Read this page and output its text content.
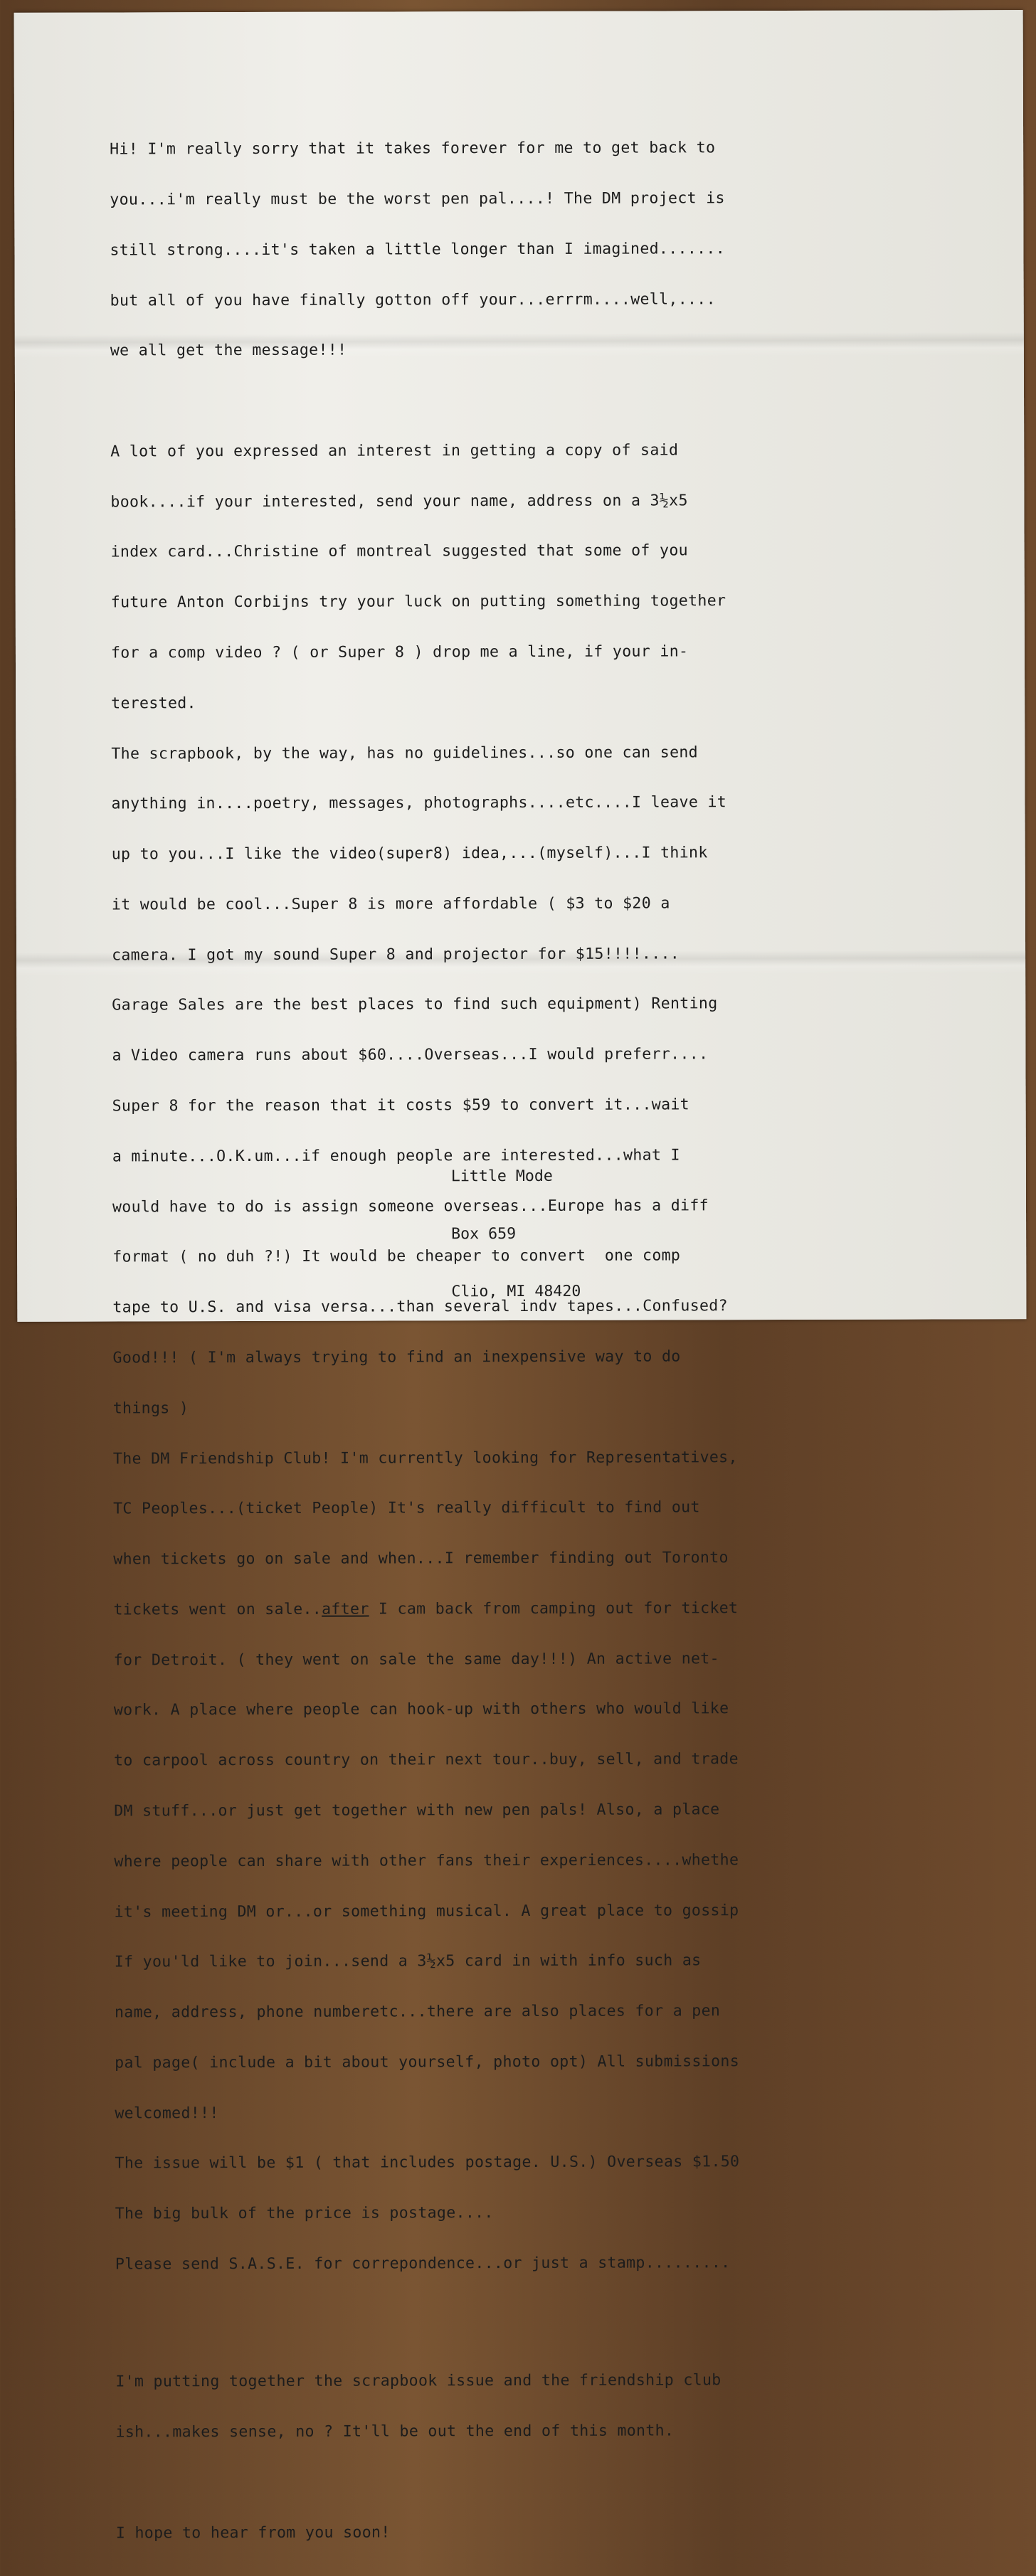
Hi! I'm really sorry that it takes forever for me to get back to

you...i'm really must be the worst pen pal....! The DM project is

still strong....it's taken a little longer than I imagined.......

but all of you have finally gotton off your...errrm....well,....

we all get the message!!!

A lot of you expressed an interest in getting a copy of said

book....if your interested, send your name, address on a 3½x5

index card...Christine of montreal suggested that some of you

future Anton Corbijns try your luck on putting something together

for a comp video ? ( or Super 8 ) drop me a line, if your in-

terested.

The scrapbook, by the way, has no guidelines...so one can send

anything in....poetry, messages, photographs....etc....I leave it

up to you...I like the video(super8) idea,...(myself)...I think

it would be cool...Super 8 is more affordable ( $3 to $20 a

camera. I got my sound Super 8 and projector for $15!!!!....

Garage Sales are the best places to find such equipment) Renting

a Video camera runs about $60....Overseas...I would preferr....

Super 8 for the reason that it costs $59 to convert it...wait

a minute...O.K.um...if enough people are interested...what I

would have to do is assign someone overseas...Europe has a diff

format ( no duh ?!) It would be cheaper to convert  one comp

tape to U.S. and visa versa...than several indv tapes...Confused?

Good!!! ( I'm always trying to find an inexpensive way to do

things )

The DM Friendship Club! I'm currently looking for Representatives,

TC Peoples...(ticket People) It's really difficult to find out

when tickets go on sale and when...I remember finding out Toronto

tickets went on sale..after I cam back from camping out for ticket

for Detroit. ( they went on sale the same day!!!) An active net-

work. A place where people can hook-up with others who would like

to carpool across country on their next tour..buy, sell, and trade

DM stuff...or just get together with new pen pals! Also, a place

where people can share with other fans their experiences....whethe

it's meeting DM or...or something musical. A great place to gossip

If you'ld like to join...send a 3½x5 card in with info such as

name, address, phone numberetc...there are also places for a pen

pal page( include a bit about yourself, photo opt) All submissions

welcomed!!!

The issue will be $1 ( that includes postage. U.S.) Overseas $1.50

The big bulk of the price is postage....

Please send S.A.S.E. for correpondence...or just a stamp.........

I'm putting together the scrapbook issue and the friendship club

ish...makes sense, no ? It'll be out the end of this month.

I hope to hear from you soon!

Little Mode

Box 659

Clio, MI 48420
